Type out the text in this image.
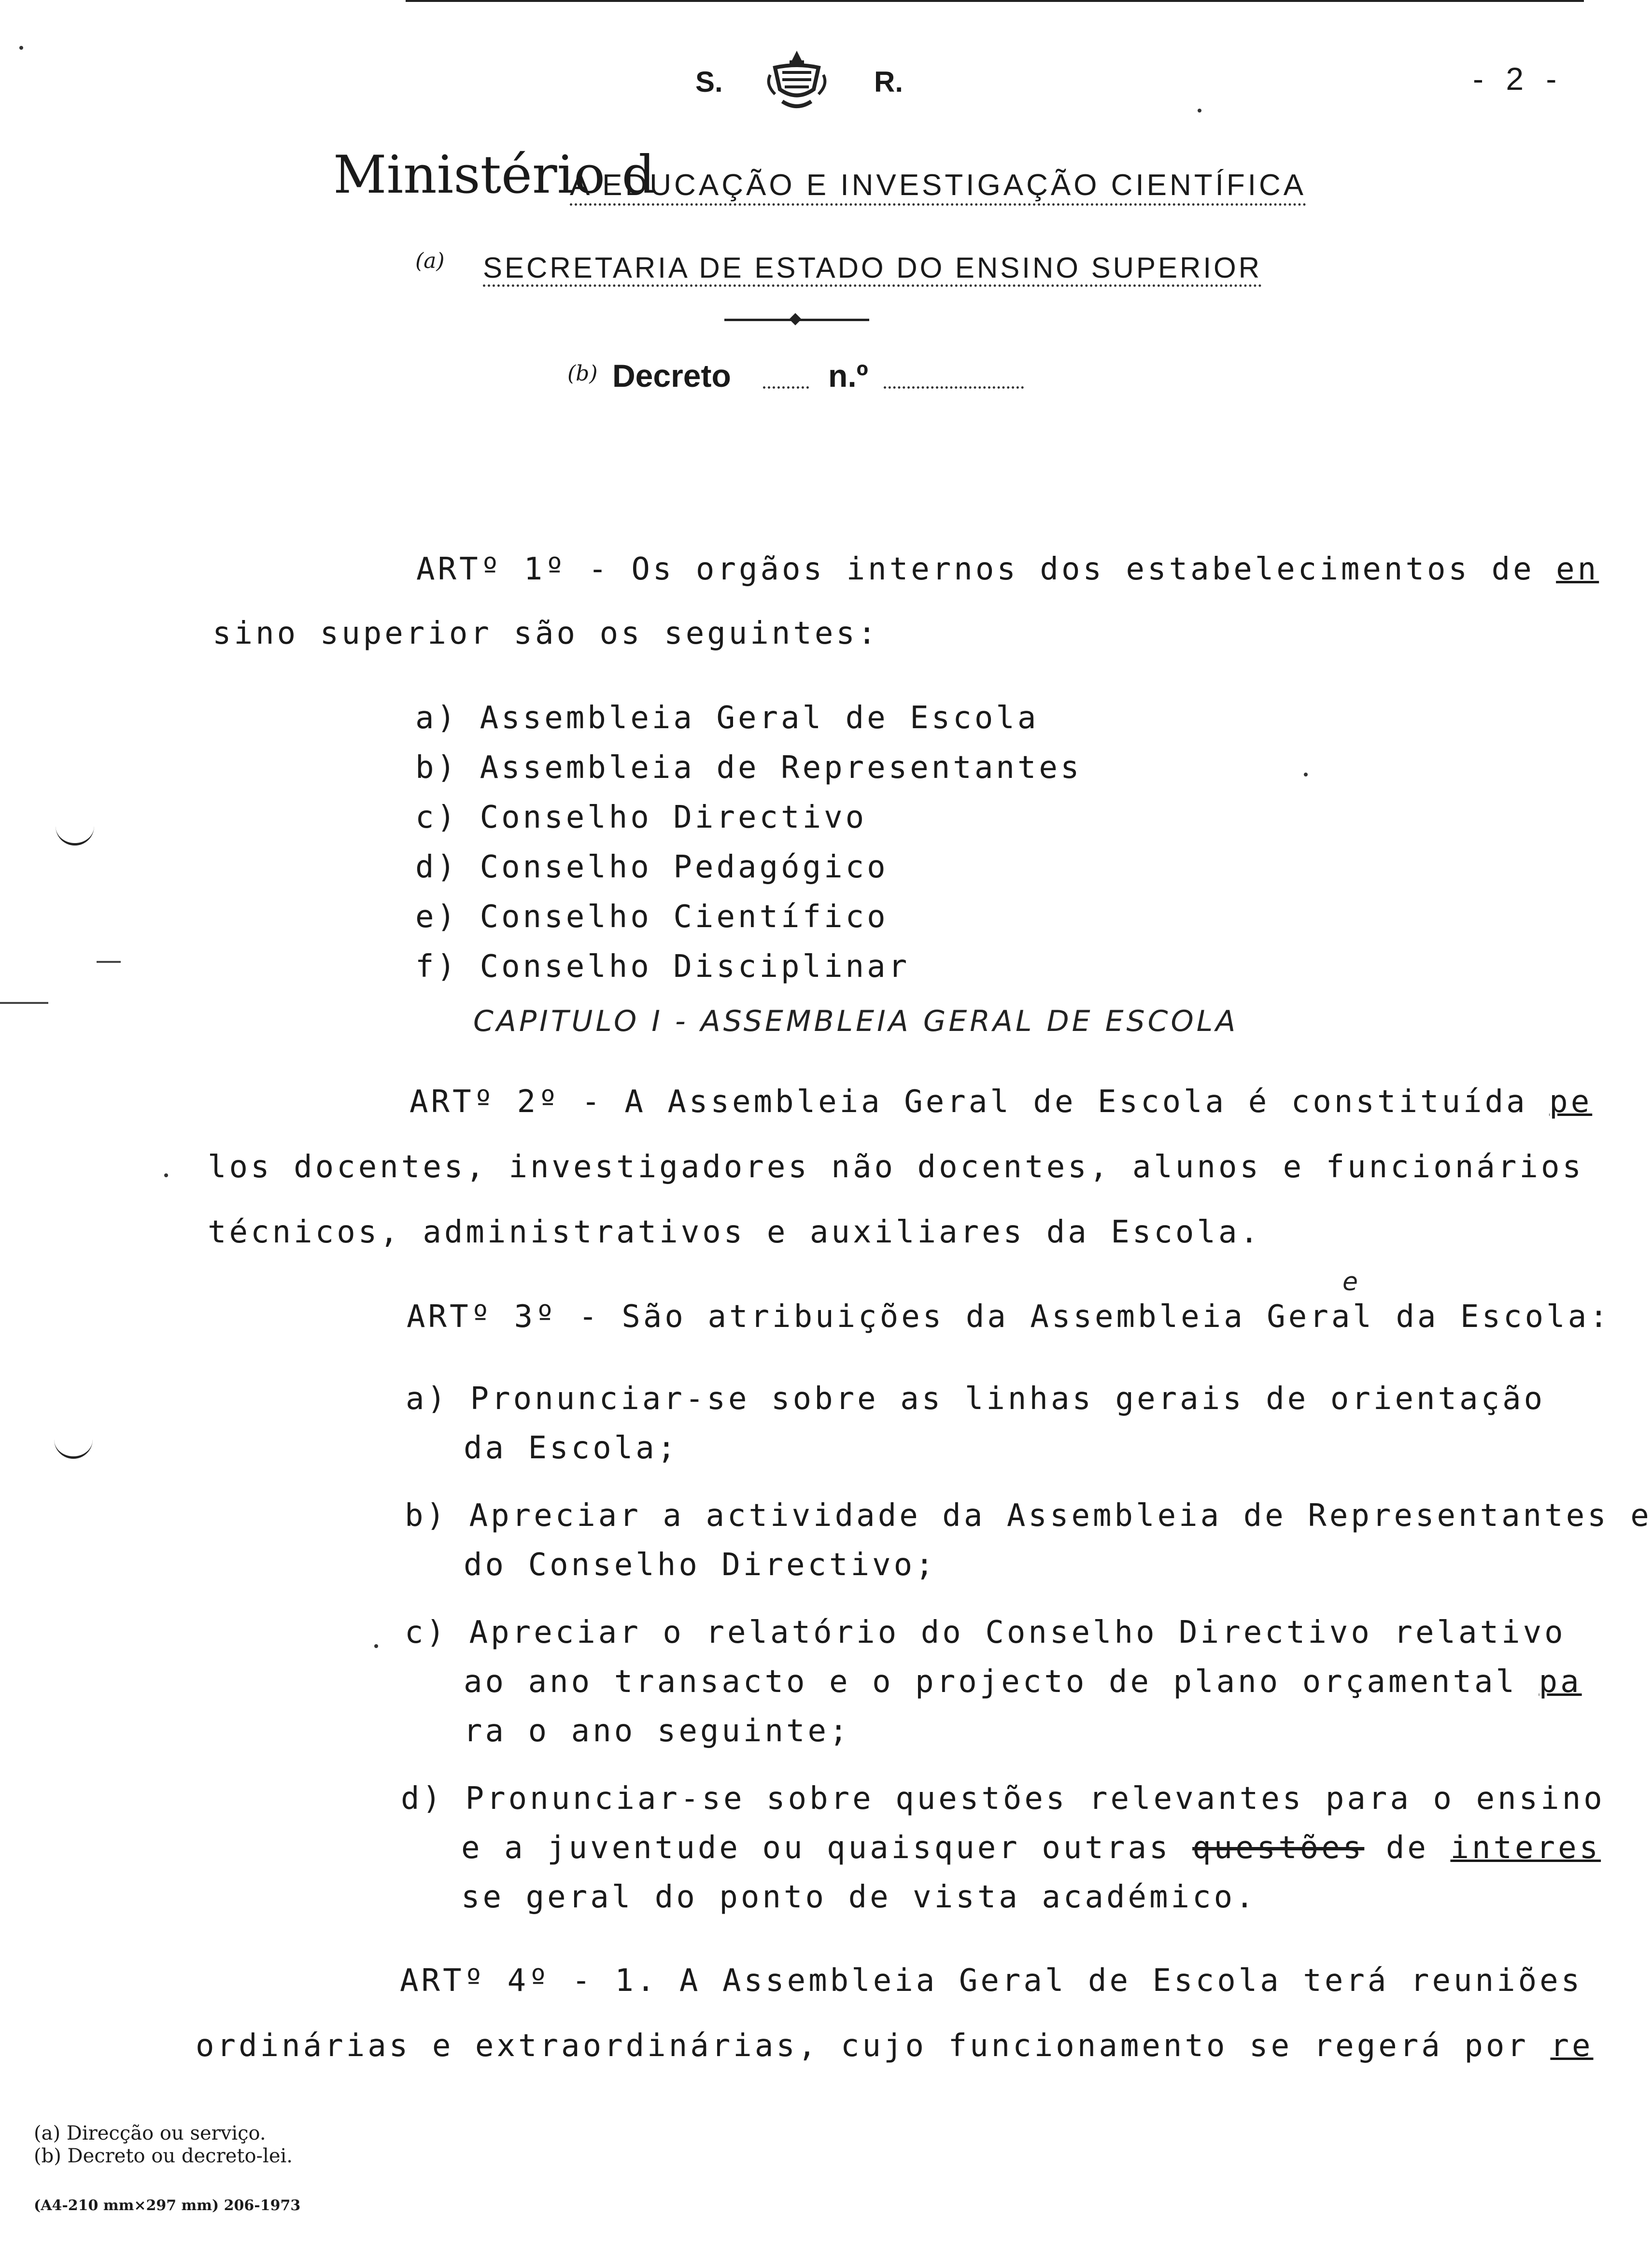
S.	R.	- 2 -
Ministério d
A EDUCAÇÃO E INVESTIGAÇÃO CIENTÍFICA
(a) SECRETARIA DE ESTADO DO ENSINO SUPERIOR
(b) Decreto	n.º
ARTº 1º - Os orgãos internos dos estabelecimentos de en
sino superior são os seguintes:
a) Assembleia Geral de Escola
b) Assembleia de Representantes
c) Conselho Directivo
d) Conselho Pedagógico
e) Conselho Científico
f) Conselho Disciplinar
CAPITULO I - ASSEMBLEIA GERAL DE ESCOLA
ARTº 2º - A Assembleia Geral de Escola é constituída pe
los docentes, investigadores não docentes, alunos e funcionários
técnicos, administrativos e auxiliares da Escola.
e
ARTº 3º - São atribuições da Assembleia Geral da Escola:
a) Pronunciar-se sobre as linhas gerais de orientação
da Escola;
b) Apreciar a actividade da Assembleia de Representantes e
do Conselho Directivo;
c) Apreciar o relatório do Conselho Directivo relativo
ao ano transacto e o projecto de plano orçamental pa
ra o ano seguinte;
d) Pronunciar-se sobre questões relevantes para o ensino
e a juventude ou quaisquer outras questões de interes
se geral do ponto de vista académico.
ARTº 4º - 1. A Assembleia Geral de Escola terá reuniões
ordinárias e extraordinárias, cujo funcionamento se regerá por re
(a) Direcção ou serviço.
(b) Decreto ou decreto-lei.
(A4-210 mm×297 mm) 206-1973
